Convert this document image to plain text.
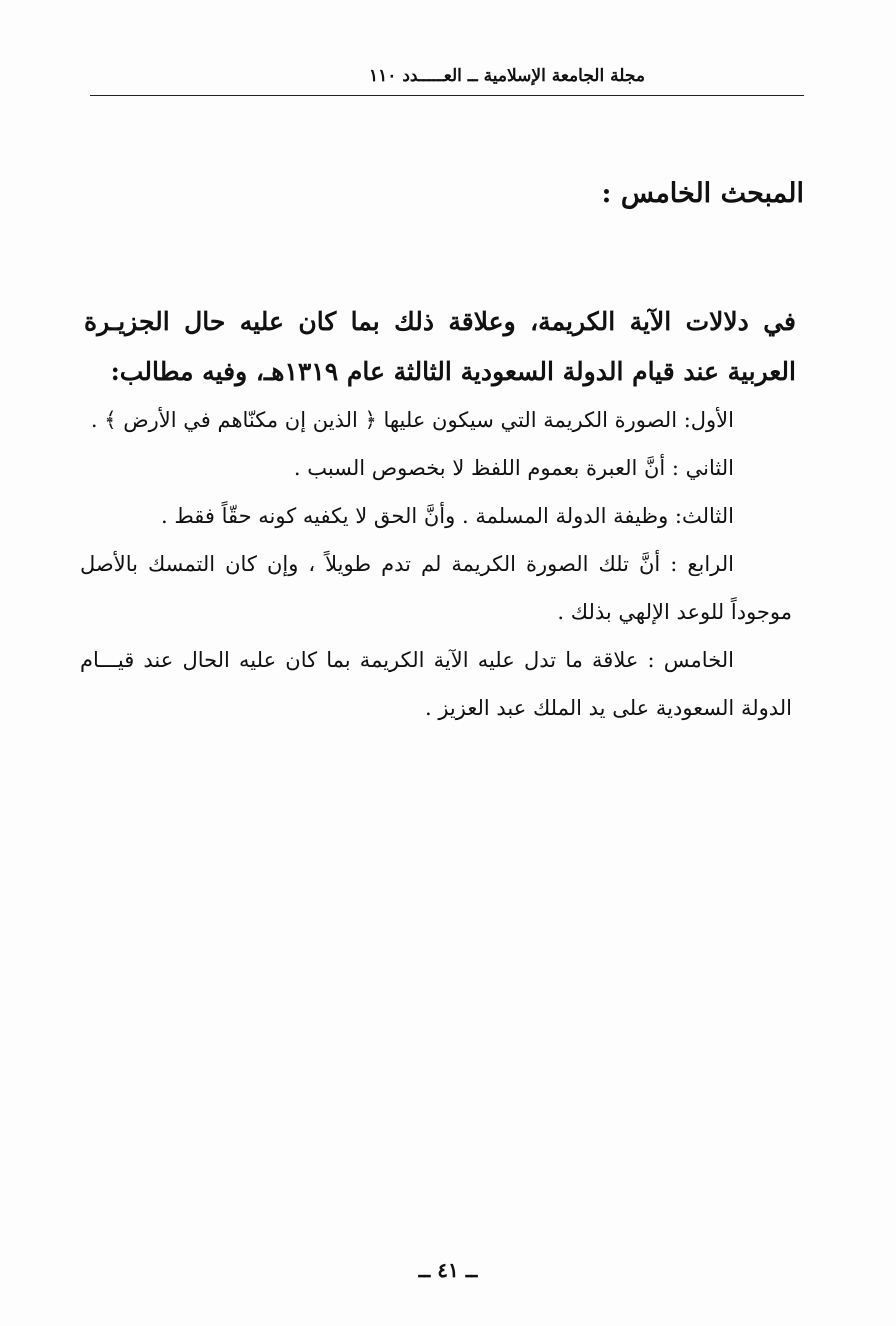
مجلة الجامعة الإسلامية ــ العـــــدد ١١٠
المبحث الخامس :

في دلالات الآية الكريمة، وعلاقة ذلك بما كان عليه حال الجزيـرة العربية عند قيام الدولة السعودية الثالثة عام ١٣١٩هـ، وفيه مطالب:

الأول: الصورة الكريمة التي سيكون عليها ﴿ الذين إن مكنّاهم في الأرض ﴾ .

الثاني : أنَّ العبرة بعموم اللفظ لا بخصوص السبب .

الثالث: وظيفة الدولة المسلمة . وأنَّ الحق لا يكفيه كونه حقّاً فقط .

الرابع : أنَّ تلك الصورة الكريمة لم تدم طويلاً ، وإن كان التمسك بالأصل موجوداً للوعد الإلهي بذلك .

الخامس : علاقة ما تدل عليه الآية الكريمة بما كان عليه الحال عند قيـــام الدولة السعودية على يد الملك عبد العزيز .

ــ ٤١ ــ
